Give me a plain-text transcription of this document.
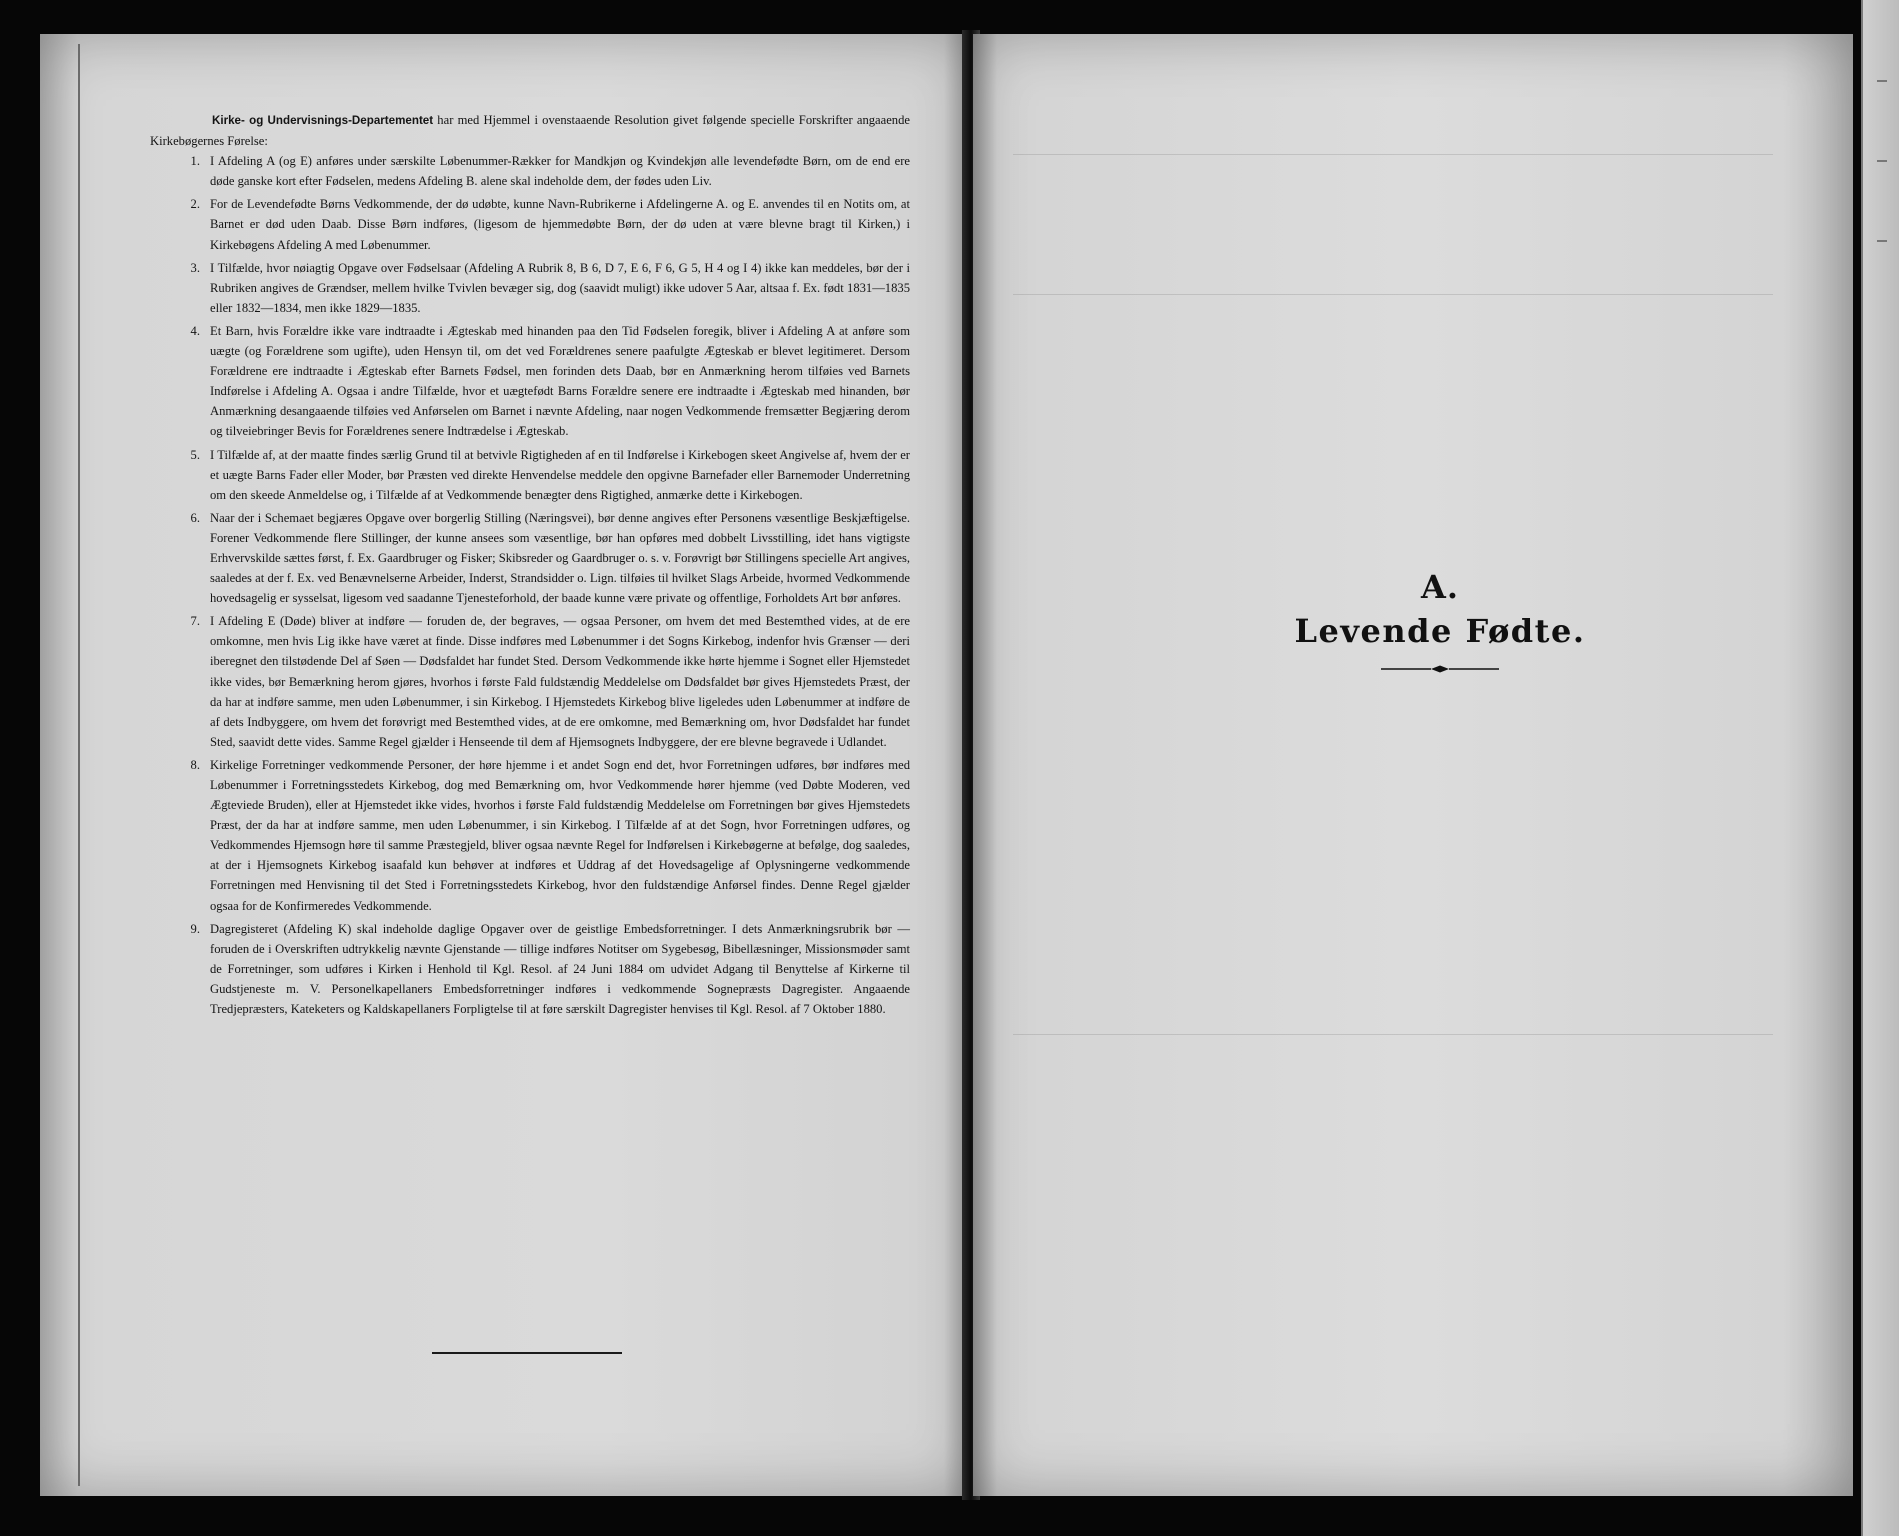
Kirke- og Undervisnings-Departementet har med Hjemmel i ovenstaaende Resolution givet følgende specielle Forskrifter angaaende Kirkebøgernes Førelse:

1. I Afdeling A (og E) anføres under særskilte Løbenummer-Rækker for Mandkjøn og Kvindekjøn alle levendefødte Børn, om de end ere døde ganske kort efter Fødselen, medens Afdeling B. alene skal indeholde dem, der fødes uden Liv.
2. For de Levendefødte Børns Vedkommende, der dø udøbte, kunne Navn-Rubrikerne i Afdelingerne A. og E. anvendes til en Notits om, at Barnet er død uden Daab. Disse Børn indføres, (ligesom de hjemmedøbte Børn, der dø uden at være blevne bragt til Kirken,) i Kirkebøgens Afdeling A med Løbenummer.
3. I Tilfælde, hvor nøiagtig Opgave over Fødselsaar (Afdeling A Rubrik 8, B 6, D 7, E 6, F 6, G 5, H 4 og I 4) ikke kan meddeles, bør der i Rubriken angives de Grændser, mellem hvilke Tvivlen bevæger sig, dog (saavidt muligt) ikke udover 5 Aar, altsaa f. Ex. født 1831—1835 eller 1832—1834, men ikke 1829—1835.
4. Et Barn, hvis Forældre ikke vare indtraadte i Ægteskab med hinanden paa den Tid Fødselen foregik, bliver i Afdeling A at anføre som uægte (og Forældrene som ugifte), uden Hensyn til, om det ved Forældrenes senere paafulgte Ægteskab er blevet legitimeret. Dersom Forældrene ere indtraadte i Ægteskab efter Barnets Fødsel, men forinden dets Daab, bør en Anmærkning herom tilføies ved Barnets Indførelse i Afdeling A. Ogsaa i andre Tilfælde, hvor et uægtefødt Barns Forældre senere ere indtraadte i Ægteskab med hinanden, bør Anmærkning desangaaende tilføies ved Anførselen om Barnet i nævnte Afdeling, naar nogen Vedkommende fremsætter Begjæring derom og tilveiebringer Bevis for Forældrenes senere Indtrædelse i Ægteskab.
5. I Tilfælde af, at der maatte findes særlig Grund til at betvivle Rigtigheden af en til Indførelse i Kirkebogen skeet Angivelse af, hvem der er et uægte Barns Fader eller Moder, bør Præsten ved direkte Henvendelse meddele den opgivne Barnefader eller Barnemoder Underretning om den skeede Anmeldelse og, i Tilfælde af at Vedkommende benægter dens Rigtighed, anmærke dette i Kirkebogen.
6. Naar der i Schemaet begjæres Opgave over borgerlig Stilling (Næringsvei), bør denne angives efter Personens væsentlige Beskjæftigelse. Forener Vedkommende flere Stillinger, der kunne ansees som væsentlige, bør han opføres med dobbelt Livsstilling, idet hans vigtigste Erhvervskilde sættes først, f. Ex. Gaardbruger og Fisker; Skibsreder og Gaardbruger o. s. v. Forøvrigt bør Stillingens specielle Art angives, saaledes at der f. Ex. ved Benævnelserne Arbeider, Inderst, Strandsidder o. Lign. tilføies til hvilket Slags Arbeide, hvormed Vedkommende hovedsagelig er sysselsat, ligesom ved saadanne Tjenesteforhold, der baade kunne være private og offentlige, Forholdets Art bør anføres.
7. I Afdeling E (Døde) bliver at indføre — foruden de, der begraves, — ogsaa Personer, om hvem det med Bestemthed vides, at de ere omkomne, men hvis Lig ikke have været at finde. Disse indføres med Løbenummer i det Sogns Kirkebog, indenfor hvis Grænser — deri iberegnet den tilstødende Del af Søen — Dødsfaldet har fundet Sted. Dersom Vedkommende ikke hørte hjemme i Sognet eller Hjemstedet ikke vides, bør Bemærkning herom gjøres, hvorhos i første Fald fuldstændig Meddelelse om Dødsfaldet bør gives Hjemstedets Præst, der da har at indføre samme, men uden Løbenummer, i sin Kirkebog. I Hjemstedets Kirkebog blive ligeledes uden Løbenummer at indføre de af dets Indbyggere, om hvem det forøvrigt med Bestemthed vides, at de ere omkomne, med Bemærkning om, hvor Dødsfaldet har fundet Sted, saavidt dette vides. Samme Regel gjælder i Henseende til dem af Hjemsognets Indbyggere, der ere blevne begravede i Udlandet.
8. Kirkelige Forretninger vedkommende Personer, der høre hjemme i et andet Sogn end det, hvor Forretningen udføres, bør indføres med Løbenummer i Forretningsstedets Kirkebog, dog med Bemærkning om, hvor Vedkommende hører hjemme (ved Døbte Moderen, ved Ægteviede Bruden), eller at Hjemstedet ikke vides, hvorhos i første Fald fuldstændig Meddelelse om Forretningen bør gives Hjemstedets Præst, der da har at indføre samme, men uden Løbenummer, i sin Kirkebog. I Tilfælde af at det Sogn, hvor Forretningen udføres, og Vedkommendes Hjemsogn høre til samme Præstegjeld, bliver ogsaa nævnte Regel for Indførelsen i Kirkebøgerne at befølge, dog saaledes, at der i Hjemsognets Kirkebog isaafald kun behøver at indføres et Uddrag af det Hovedsagelige af Oplysningerne vedkommende Forretningen med Henvisning til det Sted i Forretningsstedets Kirkebog, hvor den fuldstændige Anførsel findes. Denne Regel gjælder ogsaa for de Konfirmeredes Vedkommende.
9. Dagregisteret (Afdeling K) skal indeholde daglige Opgaver over de geistlige Embedsforretninger. I dets Anmærkningsrubrik bør — foruden de i Overskriften udtrykkelig nævnte Gjenstande — tillige indføres Notitser om Sygebesøg, Bibellæsninger, Missionsmøder samt de Forretninger, som udføres i Kirken i Henhold til Kgl. Resol. af 24 Juni 1884 om udvidet Adgang til Benyttelse af Kirkerne til Gudstjeneste m. V. Personelkapellaners Embedsforretninger indføres i vedkommende Sognepræsts Dagregister. Angaaende Tredjepræsters, Kateketers og Kaldskapellaners Forpligtelse til at føre særskilt Dagregister henvises til Kgl. Resol. af 7 Oktober 1880.
A.
Levende Fødte.
